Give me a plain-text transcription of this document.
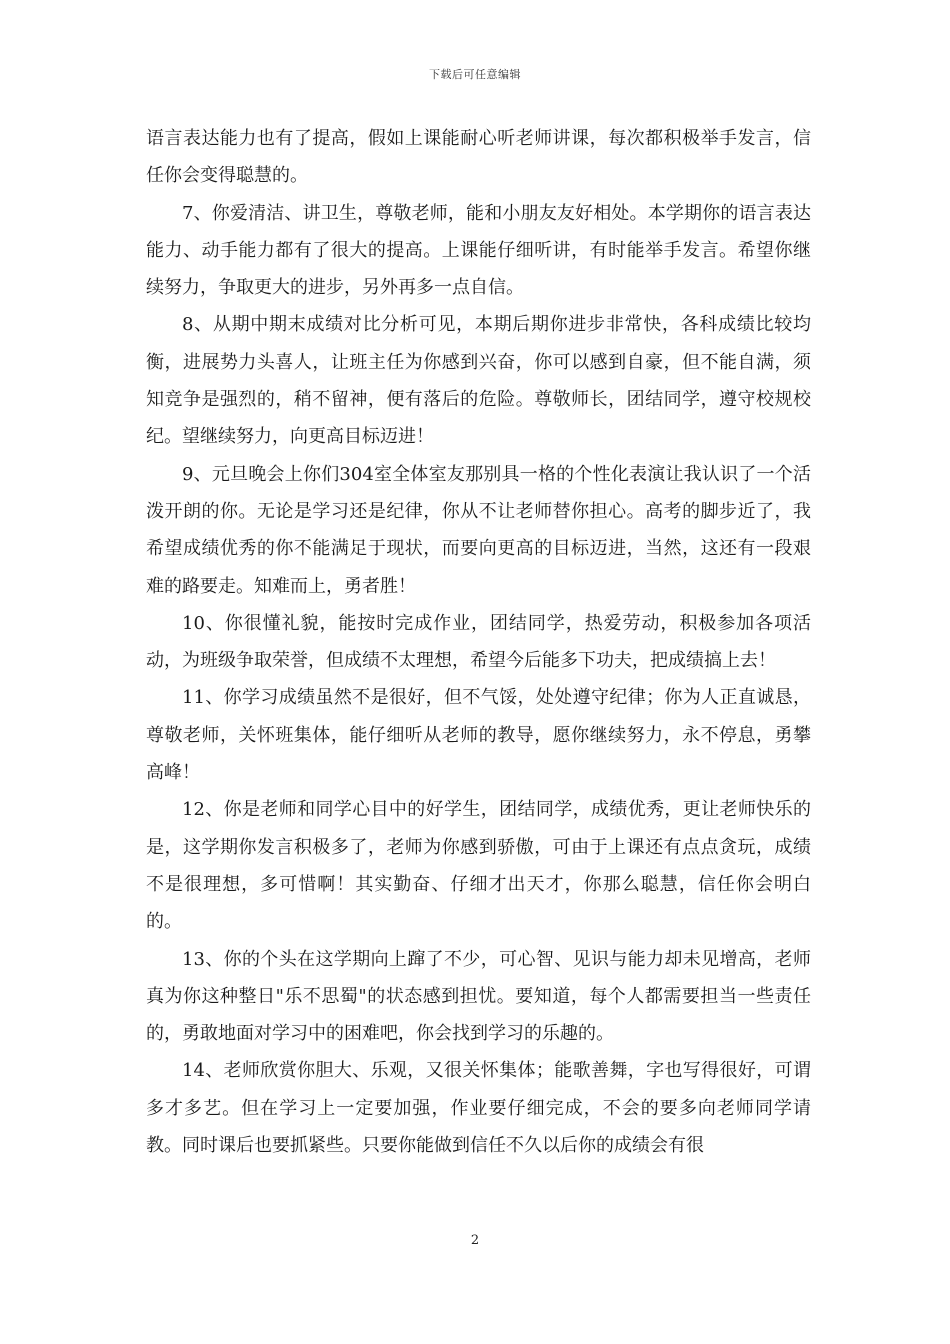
下载后可任意编辑

语言表达能力也有了提高，假如上课能耐心听老师讲课，每次都积极举手发言，信任你会变得聪慧的。

7、你爱清洁、讲卫生，尊敬老师，能和小朋友友好相处。本学期你的语言表达能力、动手能力都有了很大的提高。上课能仔细听讲，有时能举手发言。希望你继续努力，争取更大的进步，另外再多一点自信。

8、从期中期末成绩对比分析可见，本期后期你进步非常快，各科成绩比较均衡，进展势力头喜人，让班主任为你感到兴奋，你可以感到自豪，但不能自满，须知竞争是强烈的，稍不留神，便有落后的危险。尊敬师长，团结同学，遵守校规校纪。望继续努力，向更高目标迈进！

9、元旦晚会上你们304室全体室友那别具一格的个性化表演让我认识了一个活泼开朗的你。无论是学习还是纪律，你从不让老师替你担心。高考的脚步近了，我希望成绩优秀的你不能满足于现状，而要向更高的目标迈进，当然，这还有一段艰难的路要走。知难而上，勇者胜！

10、你很懂礼貌，能按时完成作业，团结同学，热爱劳动，积极参加各项活动，为班级争取荣誉，但成绩不太理想，希望今后能多下功夫，把成绩搞上去！

11、你学习成绩虽然不是很好，但不气馁，处处遵守纪律；你为人正直诚恳，尊敬老师，关怀班集体，能仔细听从老师的教导，愿你继续努力，永不停息，勇攀高峰！

12、你是老师和同学心目中的好学生，团结同学，成绩优秀，更让老师快乐的是，这学期你发言积极多了，老师为你感到骄傲，可由于上课还有点点贪玩，成绩不是很理想，多可惜啊！其实勤奋、仔细才出天才，你那么聪慧，信任你会明白的。

13、你的个头在这学期向上蹿了不少，可心智、见识与能力却未见增高，老师真为你这种整日"乐不思蜀"的状态感到担忧。要知道，每个人都需要担当一些责任的，勇敢地面对学习中的困难吧，你会找到学习的乐趣的。

14、老师欣赏你胆大、乐观，又很关怀集体；能歌善舞，字也写得很好，可谓多才多艺。但在学习上一定要加强，作业要仔细完成，不会的要多向老师同学请教。同时课后也要抓紧些。只要你能做到信任不久以后你的成绩会有很

2
